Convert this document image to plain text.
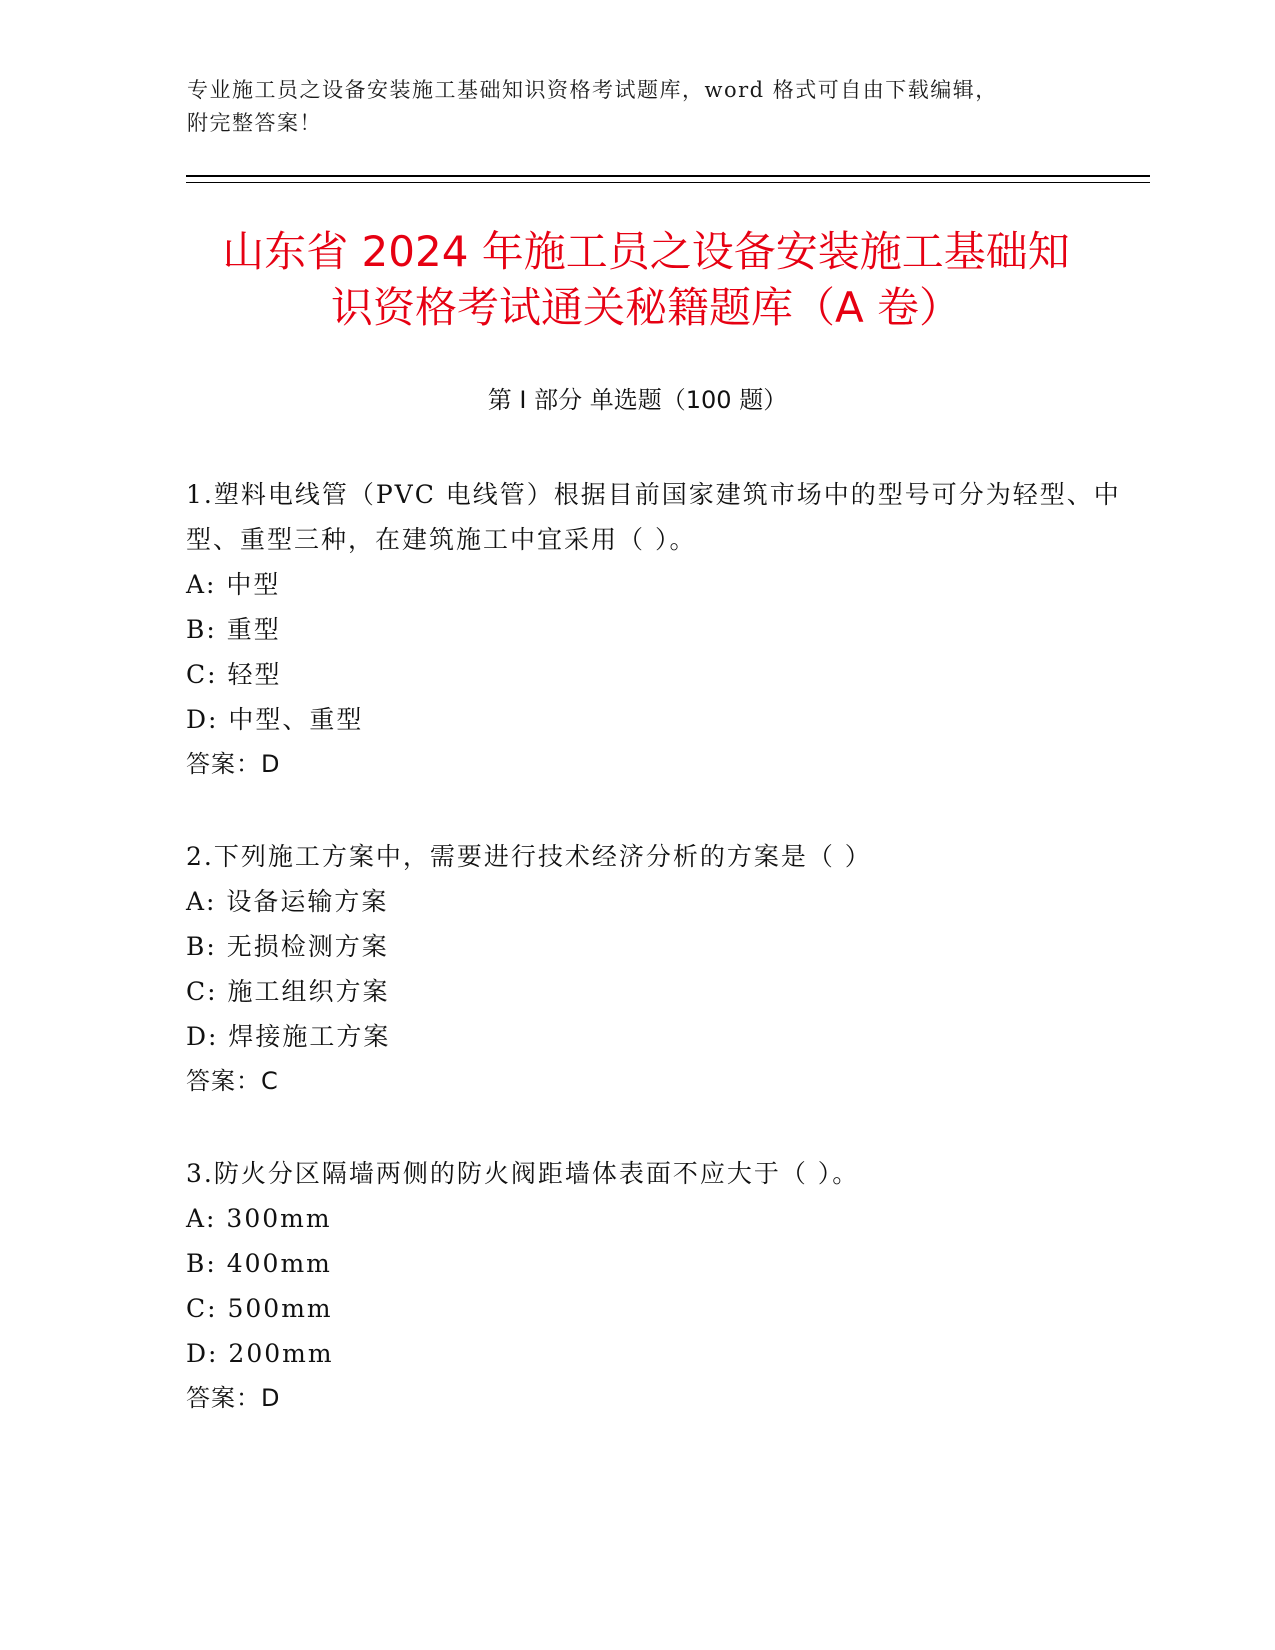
专业施工员之设备安装施工基础知识资格考试题库，word 格式可自由下载编辑，
附完整答案！
山东省 2024 年施工员之设备安装施工基础知
识资格考试通关秘籍题库（A 卷）
第 I 部分 单选题（100 题）
1.塑料电线管（PVC 电线管）根据目前国家建筑市场中的型号可分为轻型、中型、重型三种，在建筑施工中宜采用（ ）。
A: 中型
B: 重型
C: 轻型
D: 中型、重型
答案：D
2.下列施工方案中，需要进行技术经济分析的方案是（ ）
A: 设备运输方案
B: 无损检测方案
C: 施工组织方案
D: 焊接施工方案
答案：C
3.防火分区隔墙两侧的防火阀距墙体表面不应大于（ ）。
A: 300mm
B: 400mm
C: 500mm
D: 200mm
答案：D
